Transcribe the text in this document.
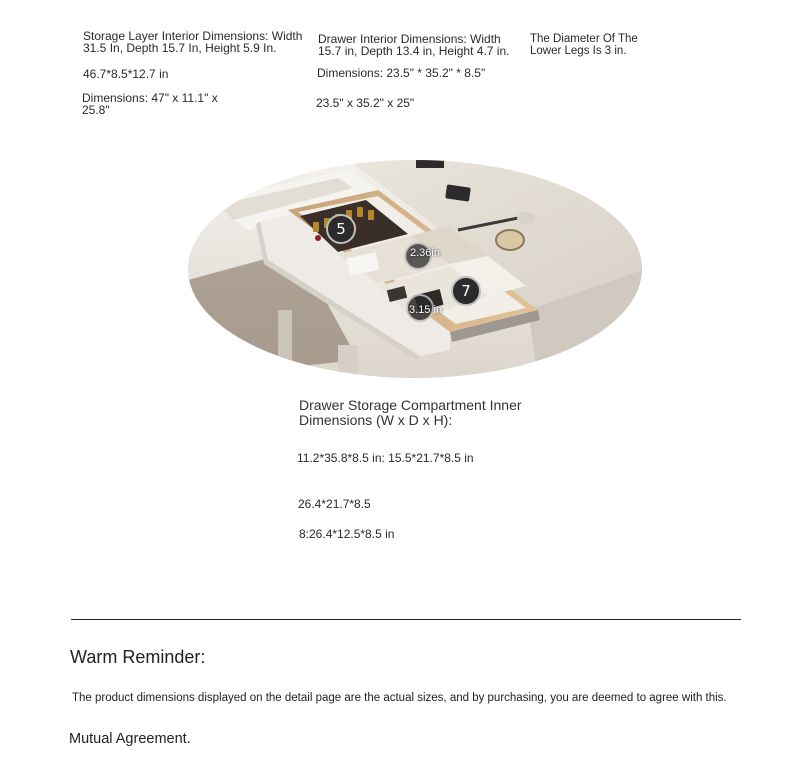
Storage Layer Interior Dimensions: Width
31.5 In, Depth 15.7 In, Height 5.9 In.
Drawer Interior Dimensions: Width
15.7 in, Depth 13.4 in, Height 4.7 in.
The Diameter Of The
Lower Legs Is 3 in.
46.7*8.5*12.7 in	Dimensions: 23.5" * 35.2" * 8.5"
Dimensions: 47" x 11.1" x
25.8"	23.5" x 35.2" x 25"
5
7
2.36in
3.15 in
Drawer Storage Compartment Inner
Dimensions (W x D x H):
11.2*35.8*8.5 in: 15.5*21.7*8.5 in
26.4*21.7*8.5
8:26.4*12.5*8.5 in
Warm Reminder:
The product dimensions displayed on the detail page are the actual sizes, and by purchasing, you are deemed to agree with this.
Mutual Agreement.
